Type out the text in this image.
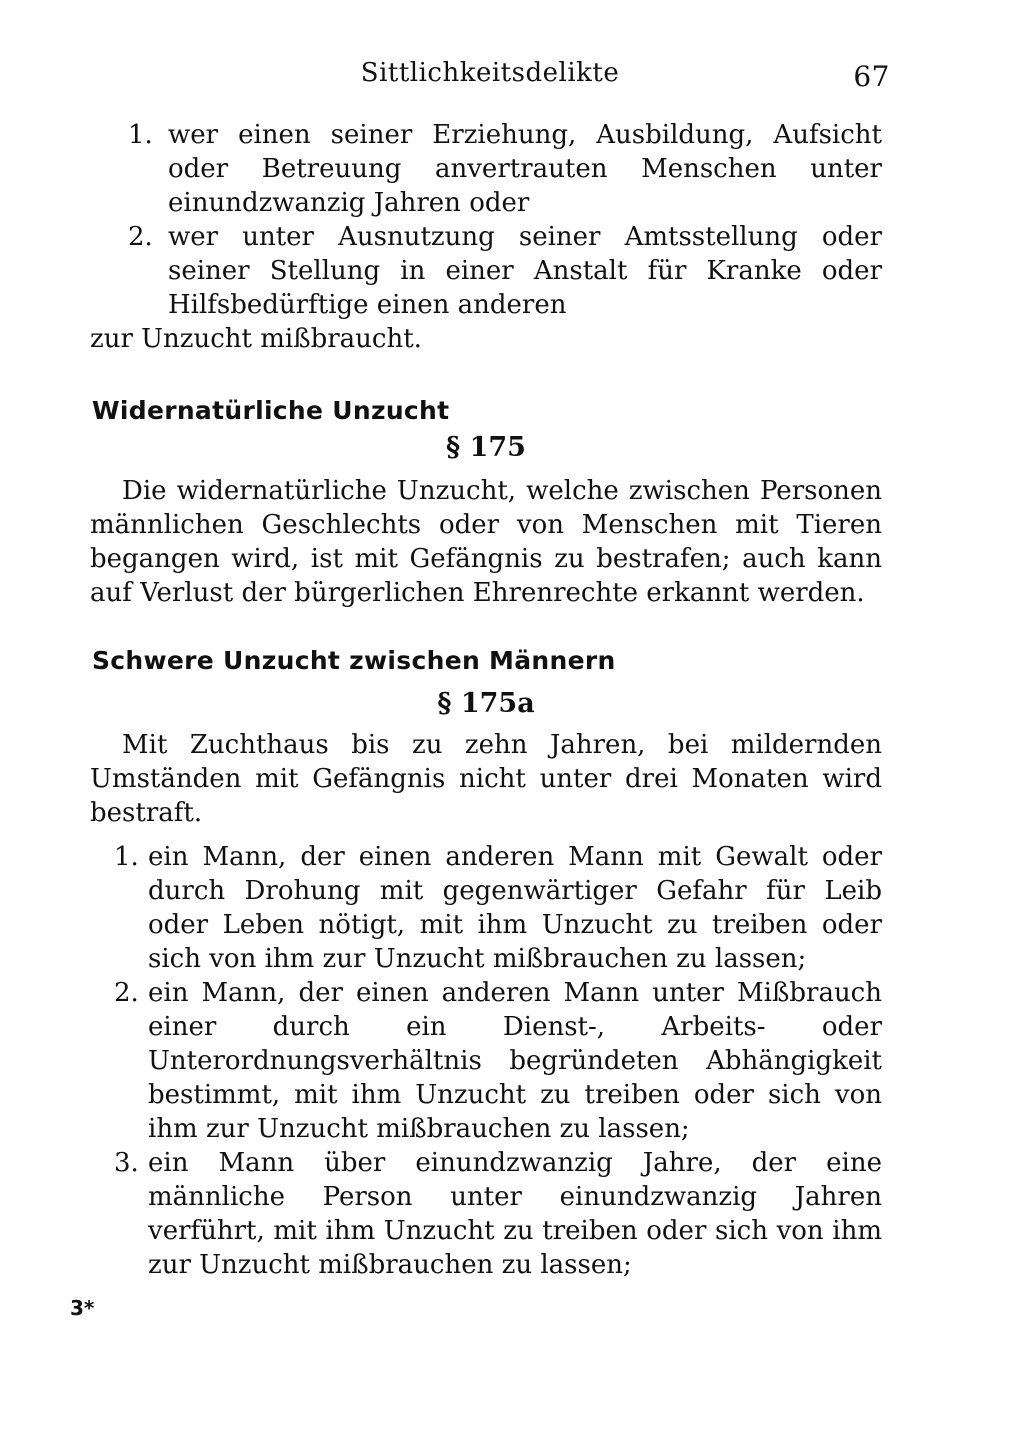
Sittlichkeitsdelikte	67
1. wer einen seiner Erziehung, Ausbildung, Aufsicht oder Betreuung anvertrauten Menschen unter einundzwanzig Jahren oder
2. wer unter Ausnutzung seiner Amtsstellung oder seiner Stellung in einer Anstalt für Kranke oder Hilfsbedürftige einen anderen
zur Unzucht mißbraucht.
Widernatürliche Unzucht
§ 175
Die widernatürliche Unzucht, welche zwischen Personen männlichen Geschlechts oder von Menschen mit Tieren begangen wird, ist mit Gefängnis zu bestrafen; auch kann auf Verlust der bürgerlichen Ehrenrechte erkannt werden.
Schwere Unzucht zwischen Männern
§ 175a
Mit Zuchthaus bis zu zehn Jahren, bei mildernden Umständen mit Gefängnis nicht unter drei Monaten wird bestraft.
1. ein Mann, der einen anderen Mann mit Gewalt oder durch Drohung mit gegenwärtiger Gefahr für Leib oder Leben nötigt, mit ihm Unzucht zu treiben oder sich von ihm zur Unzucht mißbrauchen zu lassen;
2. ein Mann, der einen anderen Mann unter Mißbrauch einer durch ein Dienst-, Arbeits- oder Unterordnungsverhältnis begründeten Abhängigkeit bestimmt, mit ihm Unzucht zu treiben oder sich von ihm zur Unzucht mißbrauchen zu lassen;
3. ein Mann über einundzwanzig Jahre, der eine männliche Person unter einundzwanzig Jahren verführt, mit ihm Unzucht zu treiben oder sich von ihm zur Unzucht mißbrauchen zu lassen;
3*
